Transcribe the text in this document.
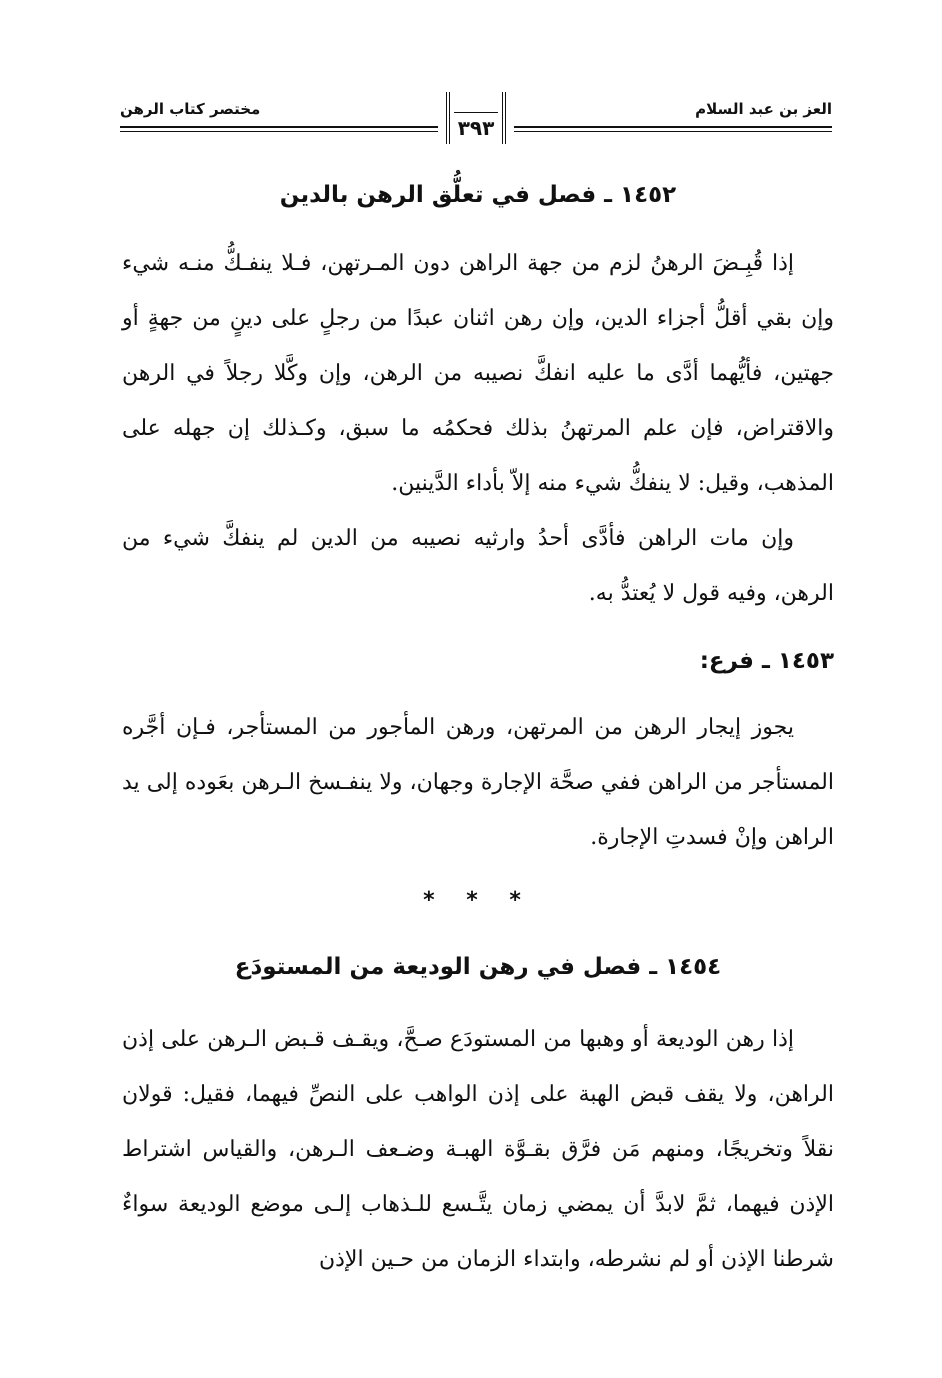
العز بن عبد السلام
مختصر كتاب الرهن
٣٩٣
١٤٥٢ ـ فصل في تعلُّق الرهن بالدين

إذا قُبِـضَ الرهنُ لزم من جهة الراهن دون المـرتهن، فـلا ينفـكُّ منـه شيء وإن بقي أقلُّ أجزاء الدين، وإن رهن اثنان عبدًا من رجلٍ على دينٍ من جهةٍ أو جهتين، فأيُّهما أدَّى ما عليه انفكَّ نصيبه من الرهن، وإن وكَّلا رجلاً في الرهن والاقتراض، فإن علم المرتهنُ بذلك فحكمُه ما سبق، وكـذلك إن جهله على المذهب، وقيل: لا ينفكُّ شيء منه إلاّ بأداء الدَّينين.

وإن مات الراهن فأدَّى أحدُ وارثيه نصيبه من الدين لم ينفكَّ شيء من الرهن، وفيه قول لا يُعتدُّ به.

١٤٥٣ ـ فرع:

يجوز إيجار الرهن من المرتهن، ورهن المأجور من المستأجر، فـإن أجَّره المستأجر من الراهن ففي صحَّة الإجارة وجهان، ولا ينفـسخ الـرهن بعَوده إلى يد الراهن وإنْ فسدتِ الإجارة.

* * *
١٤٥٤ ـ فصل في رهن الوديعة من المستودَع

إذا رهن الوديعة أو وهبها من المستودَع صـحَّ، ويقـف قـبض الـرهن على إذن الراهن، ولا يقف قبض الهبة على إذن الواهب على النصِّ فيهما، فقيل: قولان نقلاً وتخريجًا، ومنهم مَن فرَّق بقـوَّة الهبـة وضـعف الـرهن، والقياس اشتراط الإذن فيهما، ثمَّ لابدَّ أن يمضي زمان يتَّـسع للـذهاب إلـى موضع الوديعة سواءٌ شرطنا الإذن أو لم نشرطه، وابتداء الزمان من حـين الإذن
